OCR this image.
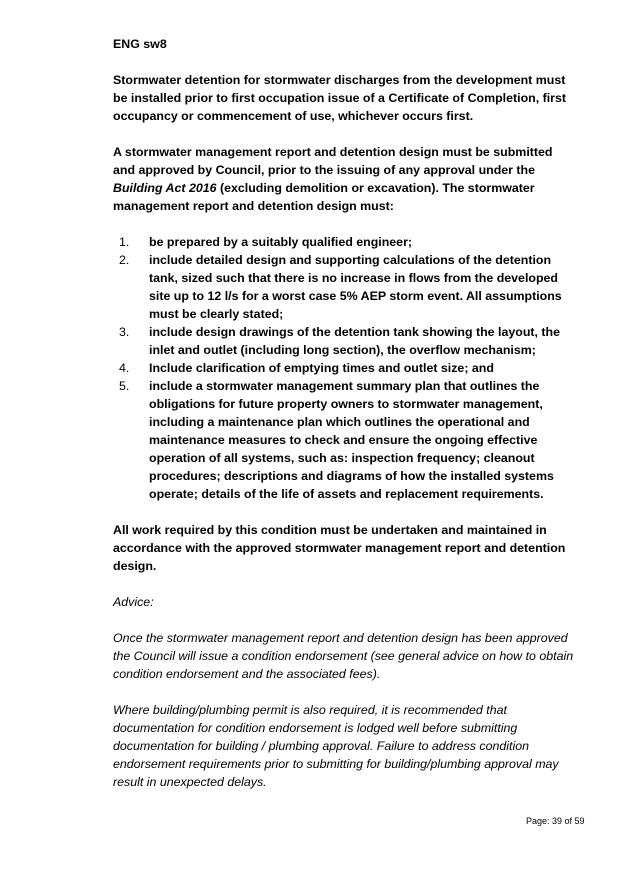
ENG sw8

Stormwater detention for stormwater discharges from the development must be installed prior to first occupation issue of a Certificate of Completion, first occupancy or commencement of use, whichever occurs first.

A stormwater management report and detention design must be submitted and approved by Council, prior to the issuing of any approval under the Building Act 2016 (excluding demolition or excavation). The stormwater management report and detention design must:

1. be prepared by a suitably qualified engineer;
2. include detailed design and supporting calculations of the detention tank, sized such that there is no increase in flows from the developed site up to 12 l/s for a worst case 5% AEP storm event. All assumptions must be clearly stated;
3. include design drawings of the detention tank showing the layout, the inlet and outlet (including long section), the overflow mechanism;
4. Include clarification of emptying times and outlet size; and
5. include a stormwater management summary plan that outlines the obligations for future property owners to stormwater management, including a maintenance plan which outlines the operational and maintenance measures to check and ensure the ongoing effective operation of all systems, such as: inspection frequency; cleanout procedures; descriptions and diagrams of how the installed systems operate; details of the life of assets and replacement requirements.

All work required by this condition must be undertaken and maintained in accordance with the approved stormwater management report and detention design.

Advice:

Once the stormwater management report and detention design has been approved the Council will issue a condition endorsement (see general advice on how to obtain condition endorsement and the associated fees).

Where building/plumbing permit is also required, it is recommended that documentation for condition endorsement is lodged well before submitting documentation for building / plumbing approval. Failure to address condition endorsement requirements prior to submitting for building/plumbing approval may result in unexpected delays.

Page: 39 of 59
